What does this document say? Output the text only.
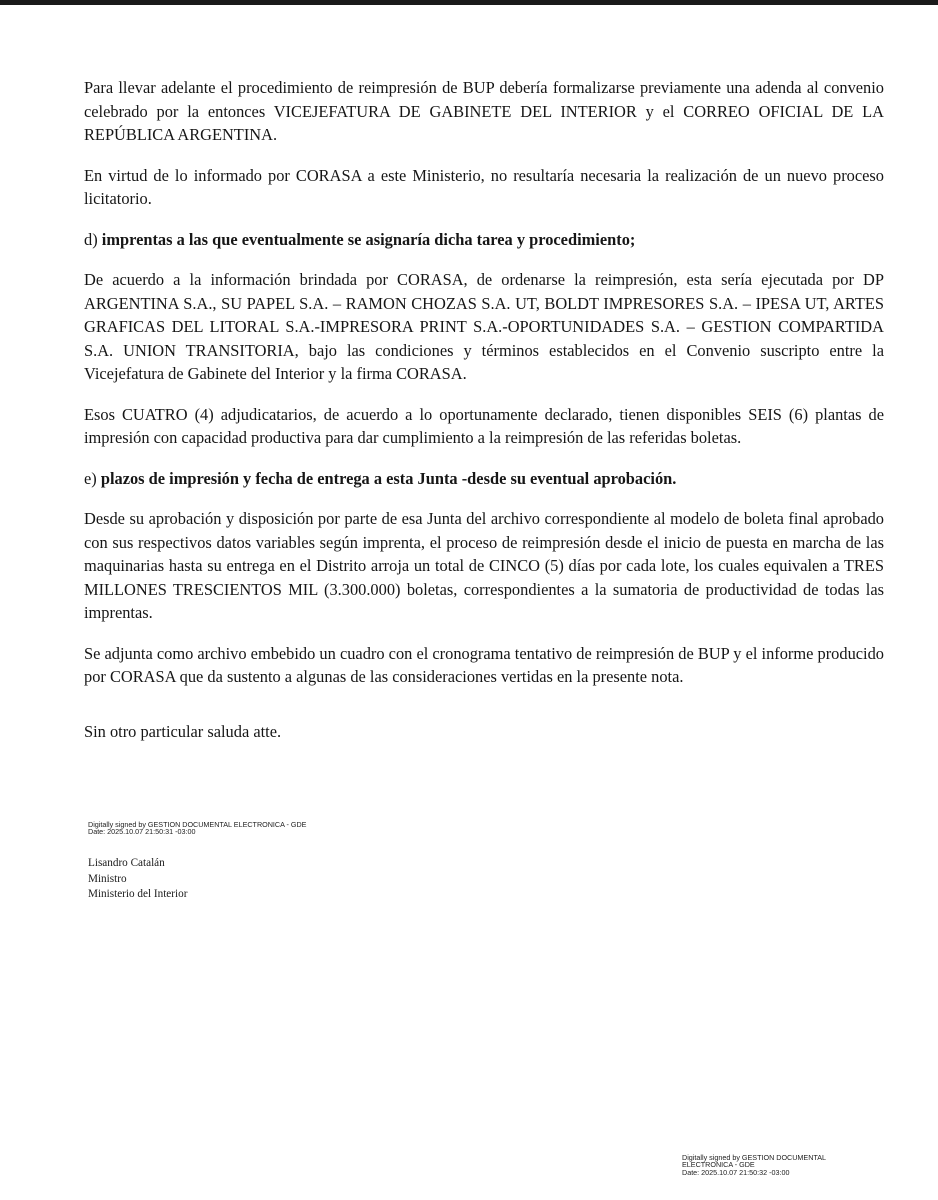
Para llevar adelante el procedimiento de reimpresión de BUP debería formalizarse previamente una adenda al convenio celebrado por la entonces VICEJEFATURA DE GABINETE DEL INTERIOR y el CORREO OFICIAL DE LA REPÚBLICA ARGENTINA.

En virtud de lo informado por CORASA a este Ministerio, no resultaría necesaria la realización de un nuevo proceso licitatorio.

d) imprentas a las que eventualmente se asignaría dicha tarea y procedimiento;

De acuerdo a la información brindada por CORASA, de ordenarse la reimpresión, esta sería ejecutada por DP ARGENTINA S.A., SU PAPEL S.A. – RAMON CHOZAS S.A. UT, BOLDT IMPRESORES S.A. – IPESA UT, ARTES GRAFICAS DEL LITORAL S.A.-IMPRESORA PRINT S.A.-OPORTUNIDADES S.A. – GESTION COMPARTIDA S.A. UNION TRANSITORIA, bajo las condiciones y términos establecidos en el Convenio suscripto entre la Vicejefatura de Gabinete del Interior y la firma CORASA.

Esos CUATRO (4) adjudicatarios, de acuerdo a lo oportunamente declarado, tienen disponibles SEIS (6) plantas de impresión con capacidad productiva para dar cumplimiento a la reimpresión de las referidas boletas.

e) plazos de impresión y fecha de entrega a esta Junta -desde su eventual aprobación.

Desde su aprobación y disposición por parte de esa Junta del archivo correspondiente al modelo de boleta final aprobado con sus respectivos datos variables según imprenta, el proceso de reimpresión desde el inicio de puesta en marcha de las maquinarias hasta su entrega en el Distrito arroja un total de CINCO (5) días por cada lote, los cuales equivalen a TRES MILLONES TRESCIENTOS MIL (3.300.000) boletas, correspondientes a la sumatoria de productividad de todas las imprentas.

Se adjunta como archivo embebido un cuadro con el cronograma tentativo de reimpresión de BUP y el informe producido por CORASA que da sustento a algunas de las consideraciones vertidas en la presente nota.

Sin otro particular saluda atte.
Digitally signed by GESTION DOCUMENTAL ELECTRONICA - GDE
Date: 2025.10.07 21:50:31 -03:00
Lisandro Catalán
Ministro
Ministerio del Interior
Digitally signed by GESTION DOCUMENTAL
ELECTRONICA - GDE
Date: 2025.10.07 21:50:32 -03:00
